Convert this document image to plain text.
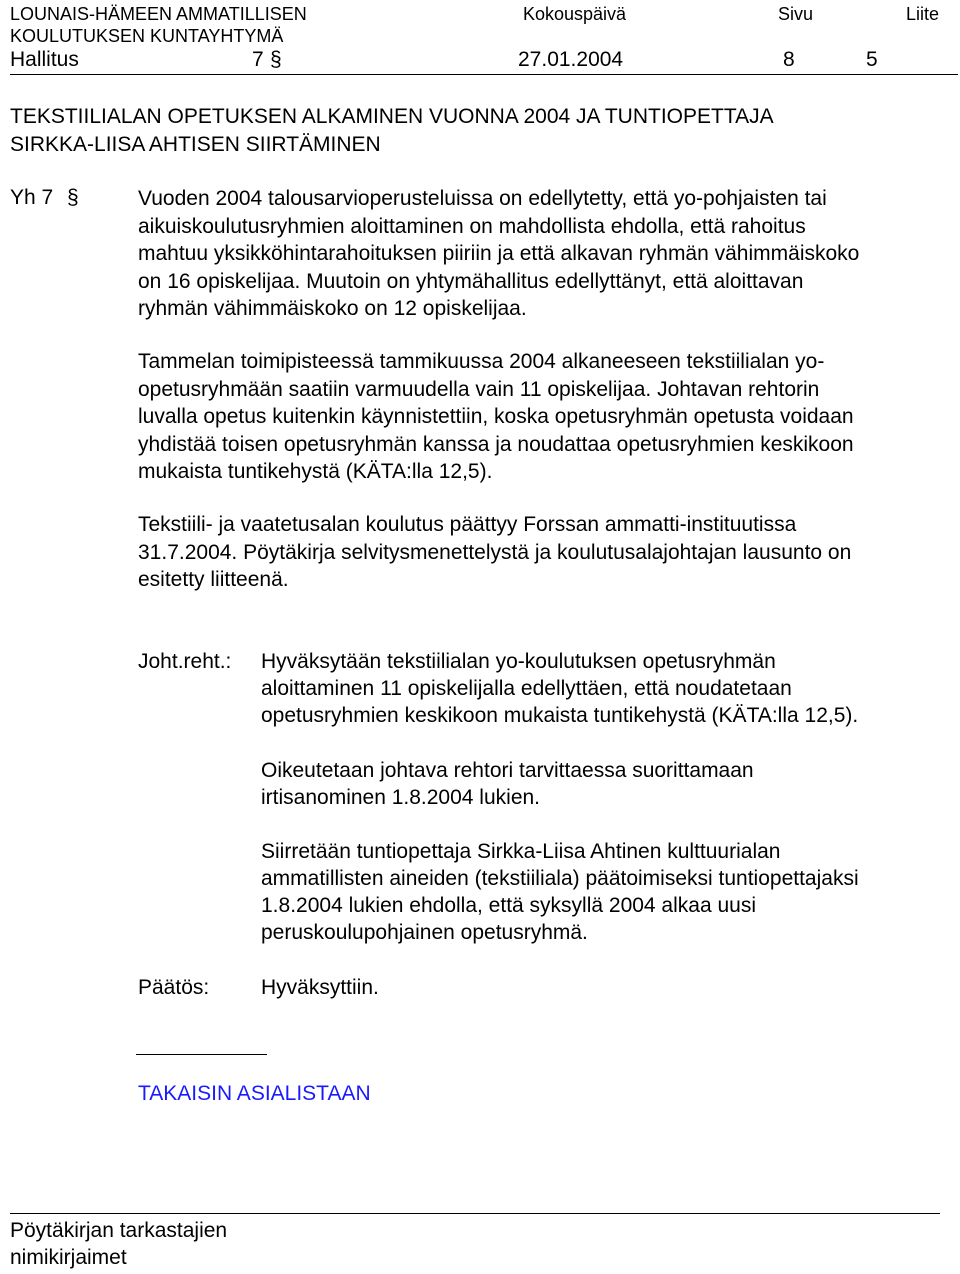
LOUNAIS-HÄMEEN AMMATILLISEN
KOULUTUKSEN KUNTAYHTYMÄ
Kokouspäivä	Sivu	Liite
Hallitus	7 §	27.01.2004	8	5
TEKSTIILIALAN OPETUKSEN ALKAMINEN VUONNA 2004 JA TUNTIOPETTAJA
SIRKKA-LIISA AHTISEN SIIRTÄMINEN
Yh 7 §	Vuoden 2004 talousarvioperusteluissa on edellytetty, että yo-pohjaisten tai
aikuiskoulutusryhmien aloittaminen on mahdollista ehdolla, että rahoitus
mahtuu yksikköhintarahoituksen piiriin ja että alkavan ryhmän vähimmäiskoko
on 16 opiskelijaa. Muutoin on yhtymähallitus edellyttänyt, että aloittavan
ryhmän vähimmäiskoko on 12 opiskelijaa.
Tammelan toimipisteessä tammikuussa 2004 alkaneeseen tekstiilialan yo-
opetusryhmään saatiin varmuudella vain 11 opiskelijaa. Johtavan rehtorin
luvalla opetus kuitenkin käynnistettiin, koska opetusryhmän opetusta voidaan
yhdistää toisen opetusryhmän kanssa ja noudattaa opetusryhmien keskikoon
mukaista tuntikehystä (KÄTA:lla 12,5).
Tekstiili- ja vaatetusalan koulutus päättyy Forssan ammatti-instituutissa
31.7.2004. Pöytäkirja selvitysmenettelystä ja koulutusalajohtajan lausunto on
esitetty liitteenä.
Joht.reht.: Hyväksytään tekstiilialan yo-koulutuksen opetusryhmän
aloittaminen 11 opiskelijalla edellyttäen, että noudatetaan
opetusryhmien keskikoon mukaista tuntikehystä (KÄTA:lla 12,5).
Oikeutetaan johtava rehtori tarvittaessa suorittamaan
irtisanominen 1.8.2004 lukien.
Siirretään tuntiopettaja Sirkka-Liisa Ahtinen kulttuurialan
ammatillisten aineiden (tekstiiliala) päätoimiseksi tuntiopettajaksi
1.8.2004 lukien ehdolla, että syksyllä 2004 alkaa uusi
peruskoulupohjainen opetusryhmä.
Päätös: Hyväksyttiin.
TAKAISIN ASIALISTAAN
Pöytäkirjan tarkastajien
nimikirjaimet
